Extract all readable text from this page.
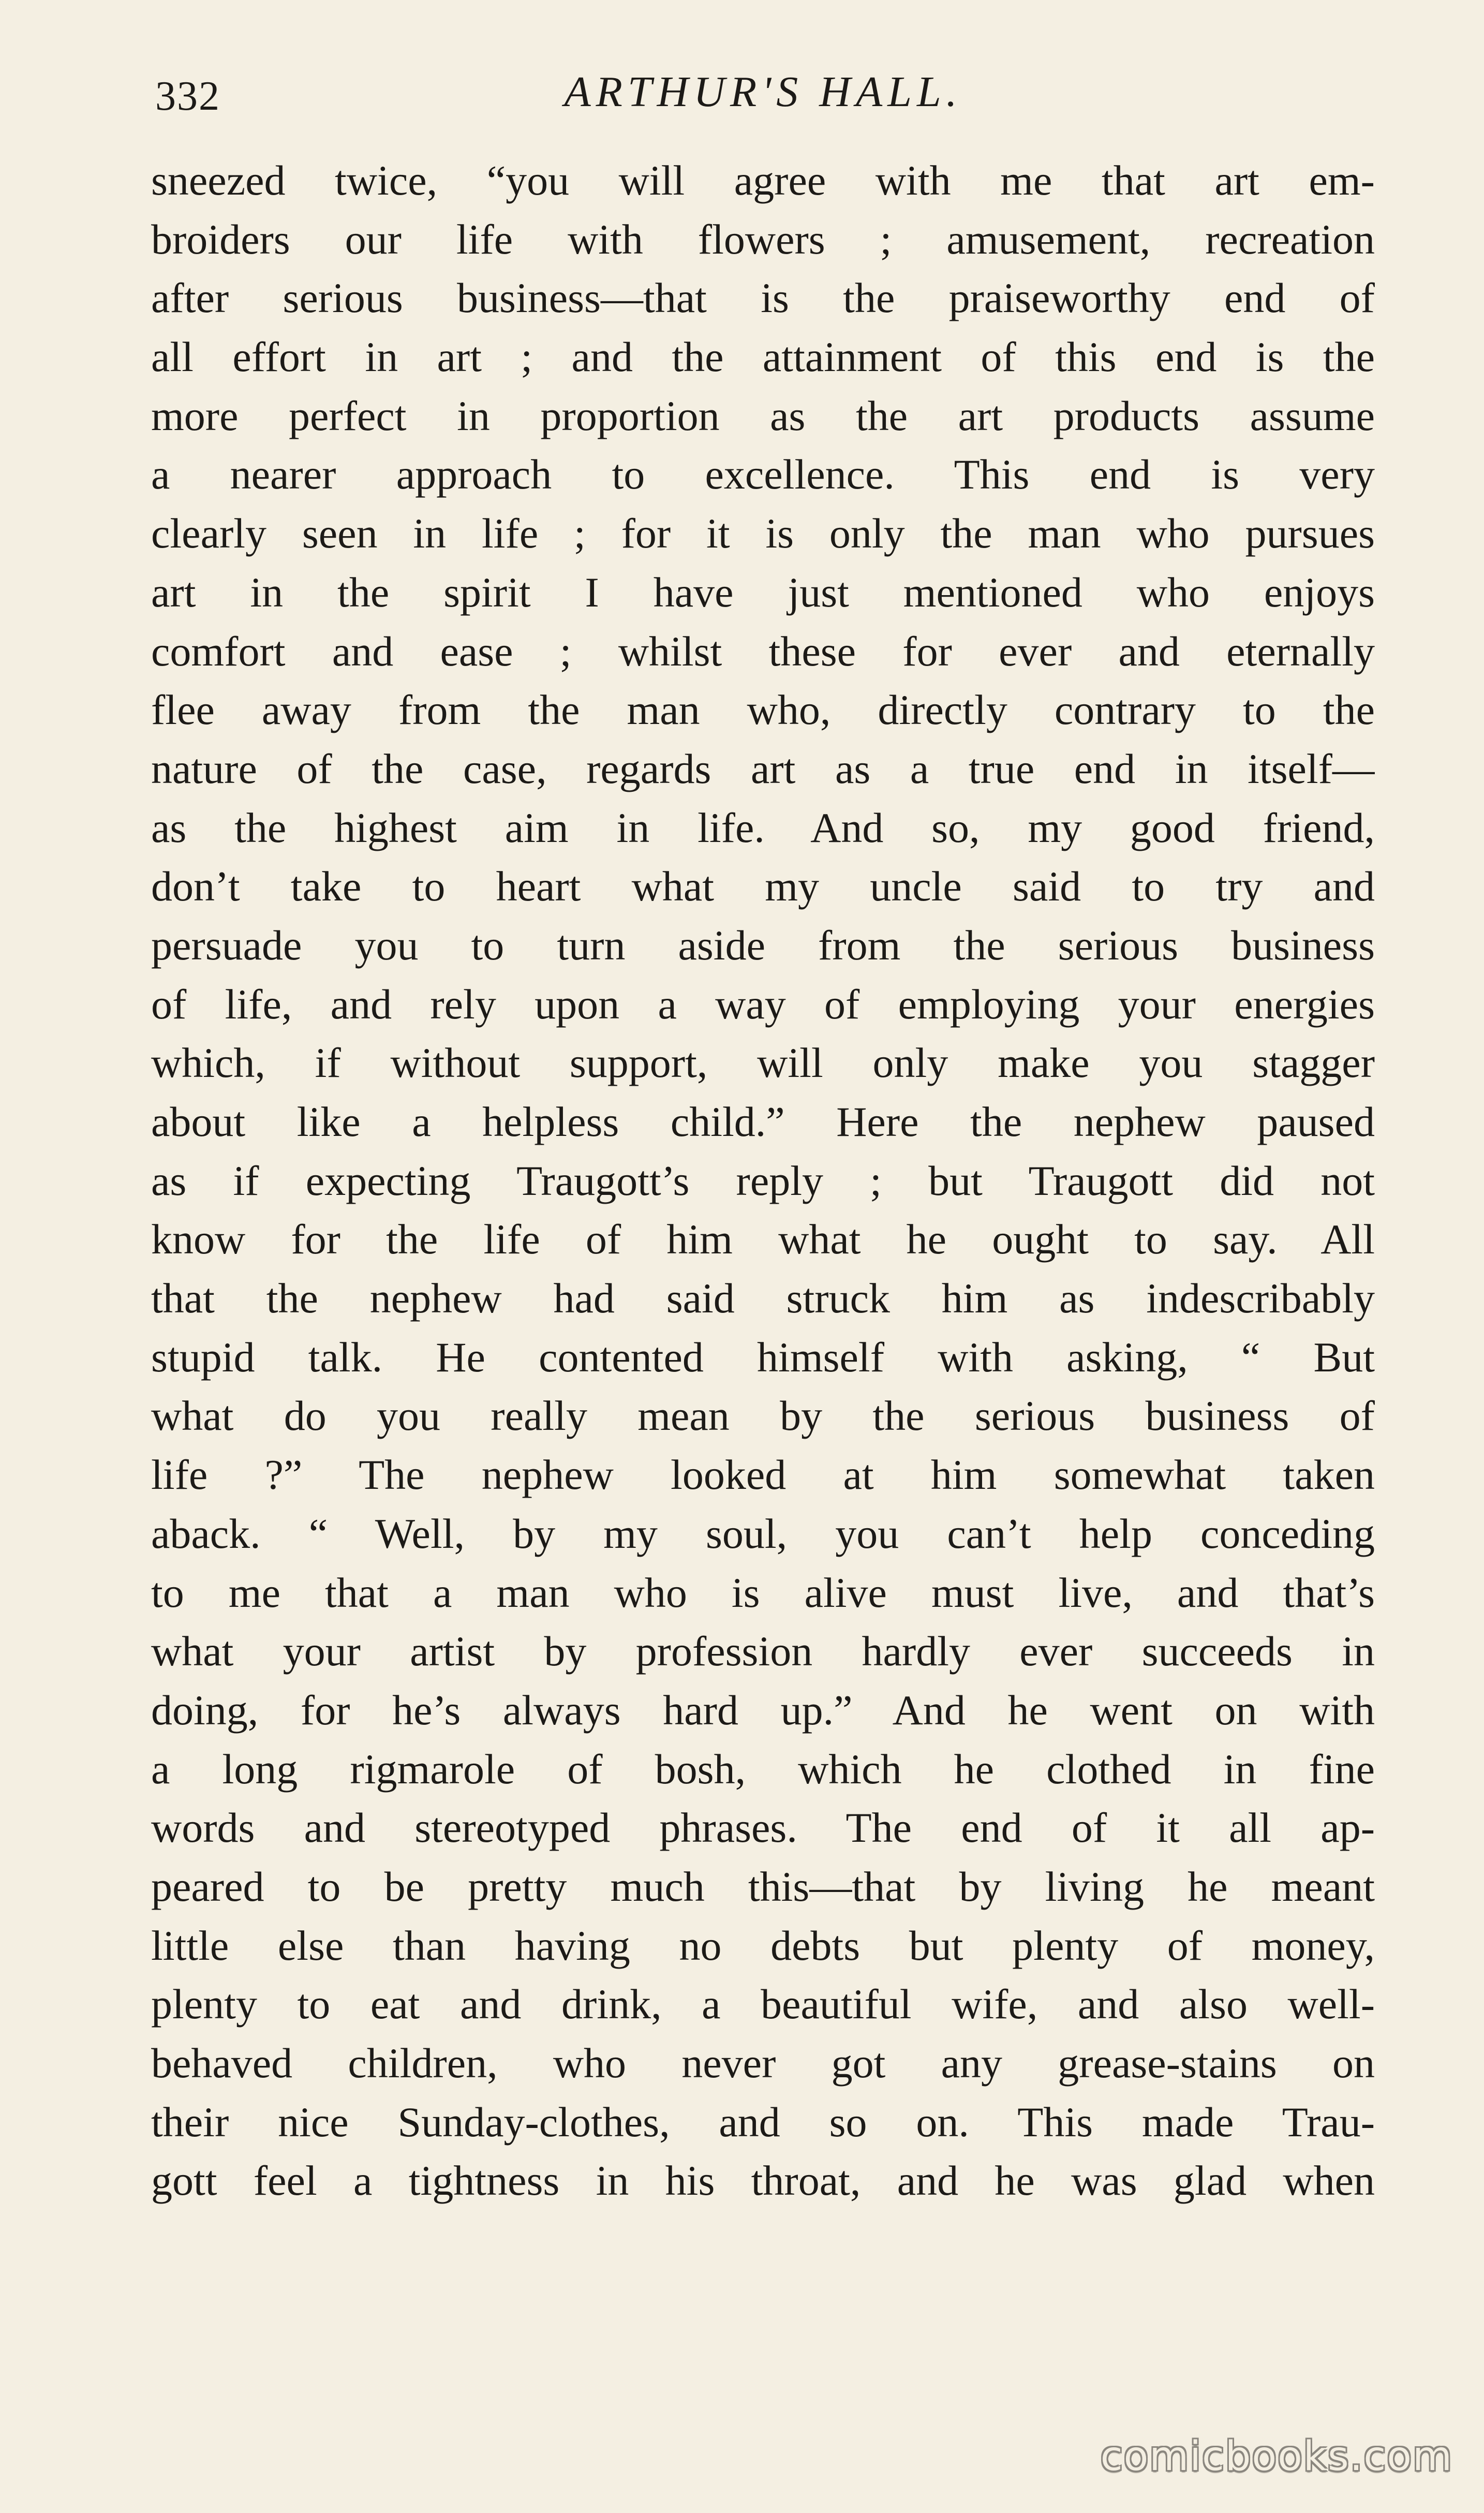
332	ARTHUR'S HALL.
sneezed twice, “you will agree with me that art em-
broiders our life with flowers ; amusement, recreation
after serious business—that is the praiseworthy end of
all effort in art ; and the attainment of this end is the
more perfect in proportion as the art products assume
a nearer approach to excellence. This end is very
clearly seen in life ; for it is only the man who pursues
art in the spirit I have just mentioned who enjoys
comfort and ease ; whilst these for ever and eternally
flee away from the man who, directly contrary to the
nature of the case, regards art as a true end in itself—
as the highest aim in life. And so, my good friend,
don’t take to heart what my uncle said to try and
persuade you to turn aside from the serious business
of life, and rely upon a way of employing your energies
which, if without support, will only make you stagger
about like a helpless child.” Here the nephew paused
as if expecting Traugott’s reply ; but Traugott did not
know for the life of him what he ought to say. All
that the nephew had said struck him as indescribably
stupid talk. He contented himself with asking, “ But
what do you really mean by the serious business of
life ?” The nephew looked at him somewhat taken
aback. “ Well, by my soul, you can’t help conceding
to me that a man who is alive must live, and that’s
what your artist by profession hardly ever succeeds in
doing, for he’s always hard up.” And he went on with
a long rigmarole of bosh, which he clothed in fine
words and stereotyped phrases. The end of it all ap-
peared to be pretty much this—that by living he meant
little else than having no debts but plenty of money,
plenty to eat and drink, a beautiful wife, and also well-
behaved children, who never got any grease-stains on
their nice Sunday-clothes, and so on. This made Trau-
gott feel a tightness in his throat, and he was glad when
comicbooks.com
